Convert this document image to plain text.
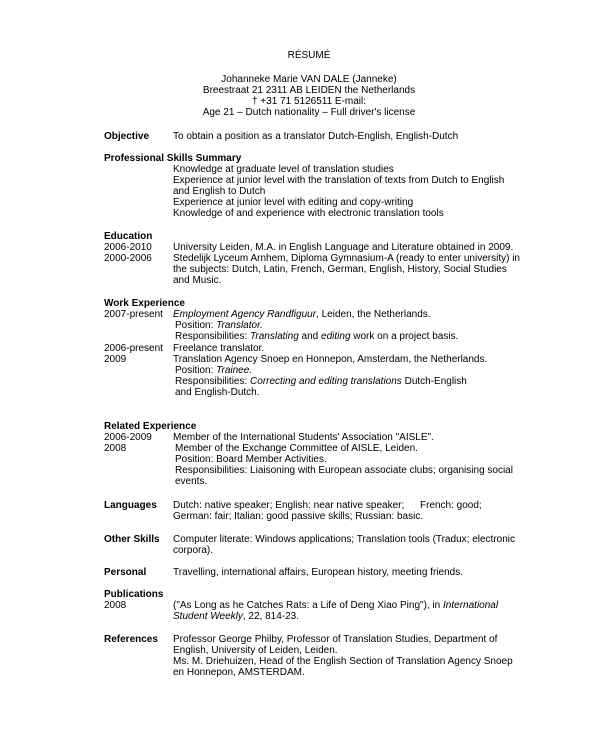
RÉSUMÉ
Johanneke Marie VAN DALE (Janneke)
Breestraat 21 2311 AB LEIDEN the Netherlands
† +31 71 5126511 E-mail:
Age 21 – Dutch nationality – Full driver's license
Objective To obtain a position as a translator Dutch-English, English-Dutch
Professional Skills Summary
Knowledge at graduate level of translation studies
Experience at junior level with the translation of texts from Dutch to English
and English to Dutch
Experience at junior level with editing and copy-writing
Knowledge of and experience with electronic translation tools
Education
2006-2010
2000-2006
University Leiden, M.A. in English Language and Literature obtained in 2009.
Stedelijk Lyceum Arnhem, Diploma Gymnasium-A (ready to enter university) in
the subjects: Dutch, Latin, French, German, English, History, Social Studies
and Music.
Work Experience
2007-present Employment Agency Randfiguur, Leiden, the Netherlands.
Position: Translator.
Responsibilities: Translating and editing work on a project basis.
2006-present
2009
Freelance translator.
Translation Agency Snoep en Honnepon, Amsterdam, the Netherlands.
Position: Trainee.
Responsibilities: Correcting and editing translations Dutch-English
and English-Dutch.
Related Experience
2006-2009
2008
Member of the International Students' Association "AISLE".
Member of the Exchange Committee of AISLE, Leiden.
Position: Board Member Activities.
Responsibilities: Liaisoning with European associate clubs; organising social
events.
Languages Dutch: native speaker; English: near native speaker; French: good;
German: fair; Italian: good passive skills; Russian: basic.
Other Skills Computer literate: Windows applications; Translation tools (Tradux; electronic
corpora).
Personal	Travelling, international affairs, European history, meeting friends.
Publications
2008	("As Long as he Catches Rats: a Life of Deng Xiao Ping"), in International
Student Weekly, 22, 814-23.
References Professor George Philby, Professor of Translation Studies, Department of
English, University of Leiden, Leiden.
Ms. M. Driehuizen, Head of the English Section of Translation Agency Snoep
en Honnepon, AMSTERDAM.
